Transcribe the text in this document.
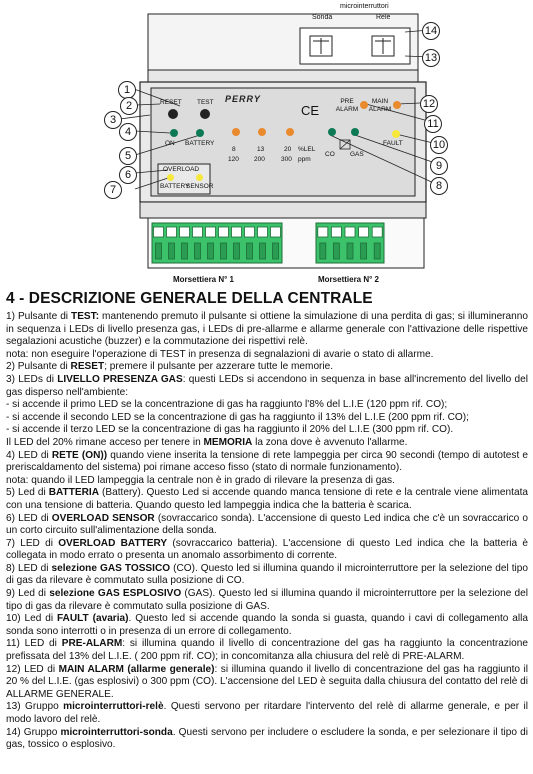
CE
PERRY
microinterruttori
Sonda	Relè
RESET TEST
ON BATTERY
8	13	20 %LEL
120 200 300 ppm
PRE ALARM
MAIN ALARM
FAULT
CO GAS
OVERLOAD
BATTERY
SENSOR
Morsettiera N° 1	Morsettiera N° 2
1
2
3
4
5
6
7	8
9
10
11
12
13
14
4 - DESCRIZIONE GENERALE DELLA CENTRALE

1) Pulsante di TEST: mantenendo premuto il pulsante si ottiene la simulazione di una perdita di gas; si illumineranno in sequenza i LEDs di livello presenza gas, i LEDs di pre-allarme e allarme generale con l'attivazione delle rispettive segalazioni acustiche (buzzer) e la commutazione dei rispettivi relè.

nota: non eseguire l'operazione di TEST in presenza di segnalazioni di avarie o stato di allarme.

2) Pulsante di RESET; premere il pulsante per azzerare tutte le memorie.

3) LEDs di LIVELLO PRESENZA GAS: questi LEDs si accendono in sequenza in base all'incremento del livello del gas disperso nell'ambiente:

- si accende il primo LED se la concentrazione di gas ha raggiunto l'8% del L.I.E (120 ppm rif. CO);

- si accende il secondo LED se la concentrazione di gas ha raggiunto il 13% del L.I.E (200 ppm rif. CO);

- si accende il terzo LED se la concentrazione di gas ha raggiunto il 20% del L.I.E (300 ppm rif. CO).

Il LED del 20% rimane acceso per tenere in MEMORIA la zona dove è avvenuto l'allarme.

4) LED di RETE (ON)) quando viene inserita la tensione di rete lampeggia per circa 90 secondi (tempo di autotest e preriscaldamento del sistema) poi rimane acceso fisso (stato di normale funzionamento).

nota: quando il LED lampeggia la centrale non è in grado di rilevare la presenza di gas.

5) Led di BATTERIA (Battery). Questo Led si accende quando manca tensione di rete e la centrale viene alimentata con una tensione di batteria. Quando questo led lampeggia indica che la batteria è scarica.

6) LED di OVERLOAD SENSOR (sovraccarico sonda). L'accensione di questo Led indica che c'è un sovraccarico o un corto circuito sull'alimentazione della sonda.

7) LED di OVERLOAD BATTERY (sovraccarico batteria). L'accensione di questo Led indica che la batteria è collegata in modo errato o presenta un anomalo assorbimento di corrente.

8) LED di selezione GAS TOSSICO (CO). Questo led si illumina quando il microinterruttore per la selezione del tipo di gas da rilevare è commutato sulla posizione di CO.

9) Led di selezione GAS ESPLOSIVO (GAS). Questo led si illumina quando il microinterruttore per la selezione del tipo di gas da rilevare è commutato sulla posizione di GAS.

10) Led di FAULT (avaria). Questo led si accende quando la sonda si guasta, quando i cavi di collegamento alla sonda sono interrotti o in presenza di un errore di collegamento.

11) LED di PRE-ALARM: si illumina quando il livello di concentrazione del gas ha raggiunto la concentrazione prefissata del 13% del L.I.E. ( 200 ppm rif. CO); in concomitanza alla chiusura del relè di PRE-ALARM.

12) LED di MAIN ALARM (allarme generale): si illumina quando il livello di concentrazione del gas ha raggiunto il 20 % del L.I.E. (gas esplosivi) o 300 ppm (CO). L'accensione del LED è seguita dalla chiusura del contatto del relè di ALLARME GENERALE.

13) Gruppo microinterruttori-relè. Questi servono per ritardare l'intervento del relè di allarme generale, e per il modo lavoro del relè.

14) Gruppo microinterruttori-sonda. Questi servono per includere o escludere la sonda, e per selezionare il tipo di gas, tossico o esplosivo.
